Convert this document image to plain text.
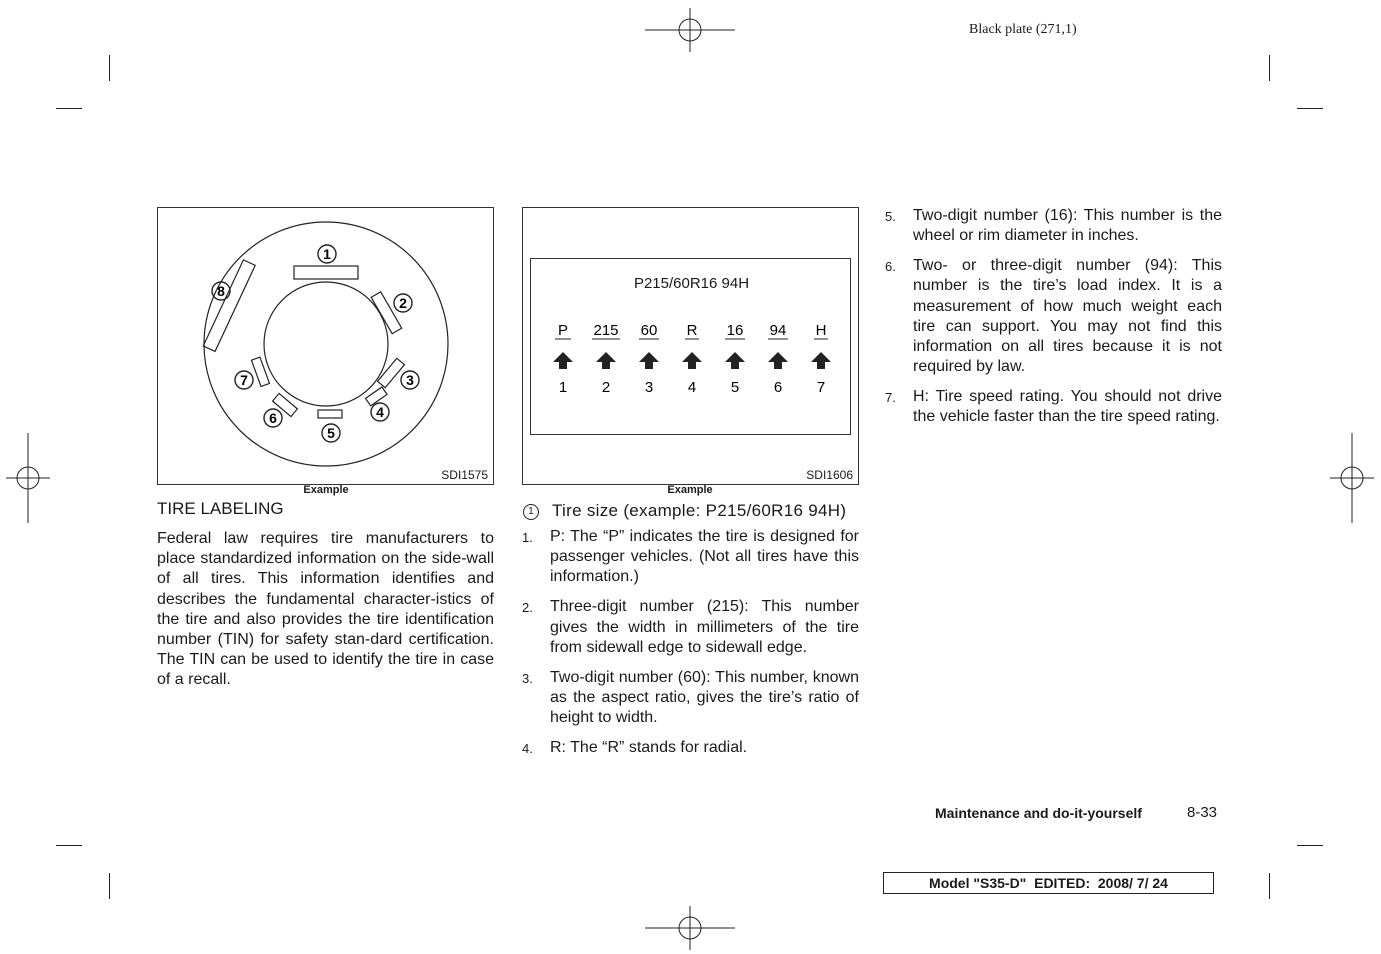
Black plate (271,1)
1
2
3
4
5
6
7
8
SDI1575
Example
P215/60R16 94H
P 215 60 R 16 94 H
1 2 3 4 5 6 7
SDI1606
Example
TIRE LABELING
Federal law requires tire manufacturers to place standardized information on the side-wall of all tires. This information identifies and describes the fundamental character-istics of the tire and also provides the tire identification number (TIN) for safety stan-dard certification. The TIN can be used to identify the tire in case of a recall.
1 Tire size (example: P215/60R16 94H)
1. P: The “P” indicates the tire is designed for passenger vehicles. (Not all tires have this information.)
2. Three-digit number (215): This number gives the width in millimeters of the tire from sidewall edge to sidewall edge.
3. Two-digit number (60): This number, known as the aspect ratio, gives the tire’s ratio of height to width.
4. R: The “R” stands for radial.
5. Two-digit number (16): This number is the wheel or rim diameter in inches.
6. Two- or three-digit number (94): This number is the tire’s load index. It is a measurement of how much weight each tire can support. You may not find this information on all tires because it is not required by law.
7. H: Tire speed rating. You should not drive the vehicle faster than the tire speed rating.
Maintenance and do-it-yourself	8-33
Model "S35-D"  EDITED:  2008/ 7/ 24
